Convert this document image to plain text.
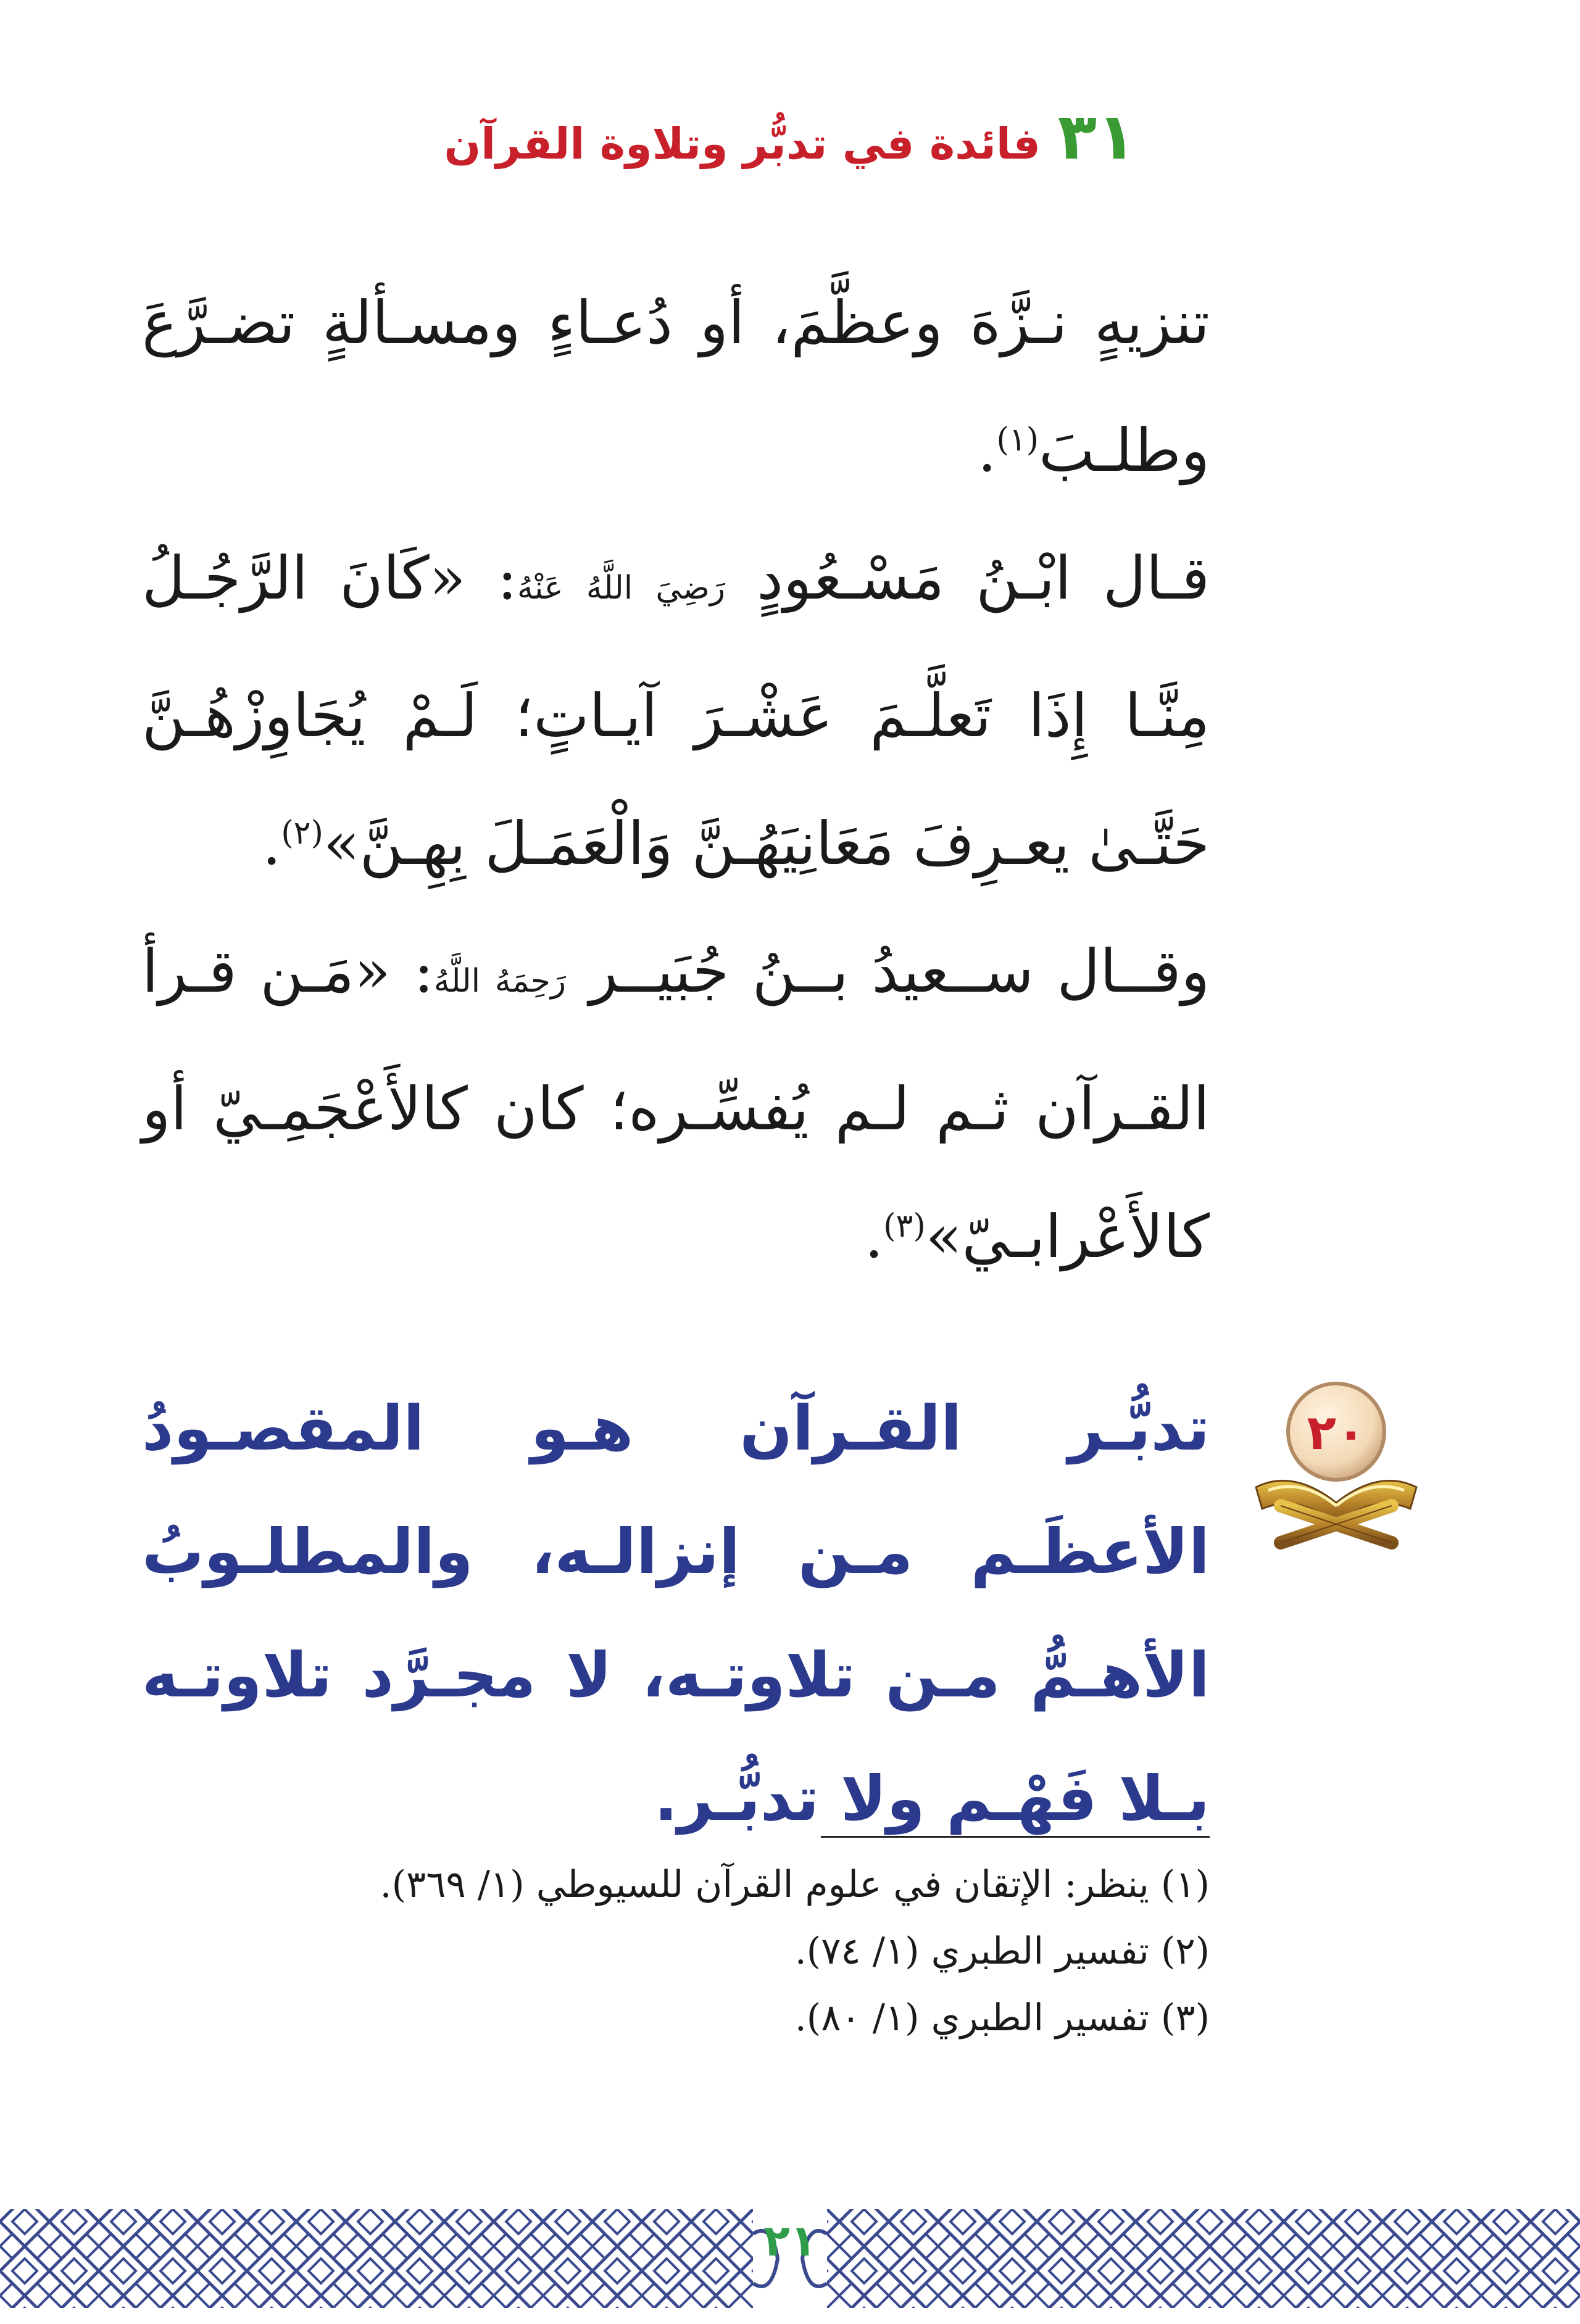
٣١ فائدة في تدبُّر وتلاوة القرآن

تنزيهٍ نـزَّهَ وعظَّمَ، أو دُعـاءٍ ومسـألةٍ تضـرَّعَ وطلـبَ$^{(١)}$.

قـال ابْـنُ مَسْـعُودٍ رَضِيَ اللَّهُ عَنْهُ: «كَانَ الرَّجُـلُ مِنَّـا إِذَا تَعلَّـمَ عَشْـرَ آيـاتٍ؛ لَـمْ يُجَاوِزْهُـنَّ حَتَّـىٰ يعـرِفَ مَعَانِيَهُـنَّ وَالْعَمَـلَ بِهِـنَّ»$^{(٢)}$.

وقــال ســعيدُ بــنُ جُبَيــر رَحِمَهُ اللَّهُ: «مَـن قـرأ القـرآن ثـم لـم يُفسِّـره؛ كان كالأَعْجَمِـيّ أو كالأَعْرابـيّ»$^{(٣)}$.

٢٠
تدبُّـر القـرآن هـو المقصـودُ الأعظَـم مـن إنزالـه، والمطلـوبُ الأهـمُّ مـن تلاوتـه، لا مجـرَّد تلاوتـه بـلا فَهْـم ولا تدبُّـر.
(١) ينظر: الإتقان في علوم القرآن للسيوطي (١/ ٣٦٩).
(٢) تفسير الطبري (١/ ٧٤).
(٣) تفسير الطبري (١/ ٨٠).
٢١
